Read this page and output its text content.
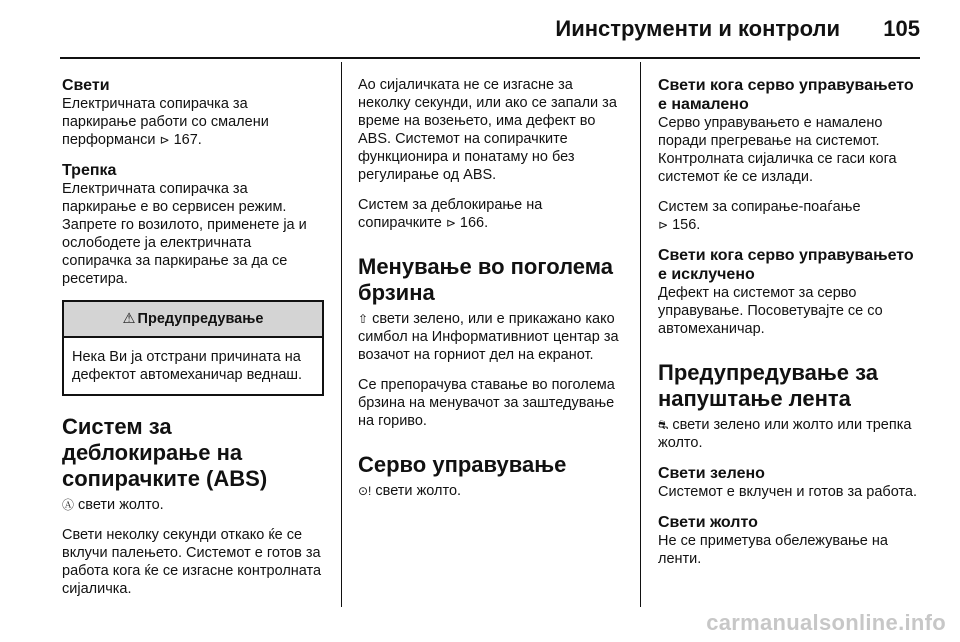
Иинструменти и контроли 105
Свети
Електричната сопирачка за паркирање работи со смалени перформанси ⊳ 167.
Трепка
Електричната сопирачка за паркирање е во сервисен режим. Запрете го возилото, применете ја и ослободете ја електричната сопирачка за паркирање за да се ресетира.
⚠ Предупредување
Нека Ви ја отстрани причината на дефектот автомеханичар веднаш.
Систем за деблокирање на сопирачките (ABS)
Ⓐ свети жолто.
Свети неколку секунди откако ќе се вклучи палењето. Системот е готов за работа кога ќе се изгасне контролната сијаличка.
Ао сијаличката не се изгасне за неколку секунди, или ако се запали за време на возењето, има дефект во ABS. Системот на сопирачките функционира и понатаму но без регулирање од ABS.
Систем за деблокирање на сопирачките ⊳ 166.
Менување во поголема брзина
⇧ свети зелено, или е прикажано како симбол на Информативниот центар за возачот на горниот дел на екранот.
Се препорачува ставање во поголема брзина на менувачот за заштедување на гориво.
Серво управување
⊙! свети жолто.
Свети кога серво управувањето е намалено
Серво управувањето е намалено поради прегревање на системот. Контролната сијаличка се гаси кога системот ќе се излади.
Систем за сопирање-поаѓање
⊳ 156.
Свети кога серво управувањето е исклучено
Дефект на системот за серво управување. Посоветувајте се со автомеханичар.
Предупредување за напуштање лента
⛐ свети зелено или жолто или трепка жолто.
Свети зелено
Системот е вклучен и готов за работа.
Свети жолто
Не се приметува обележување на ленти.
carmanualsonline.info
